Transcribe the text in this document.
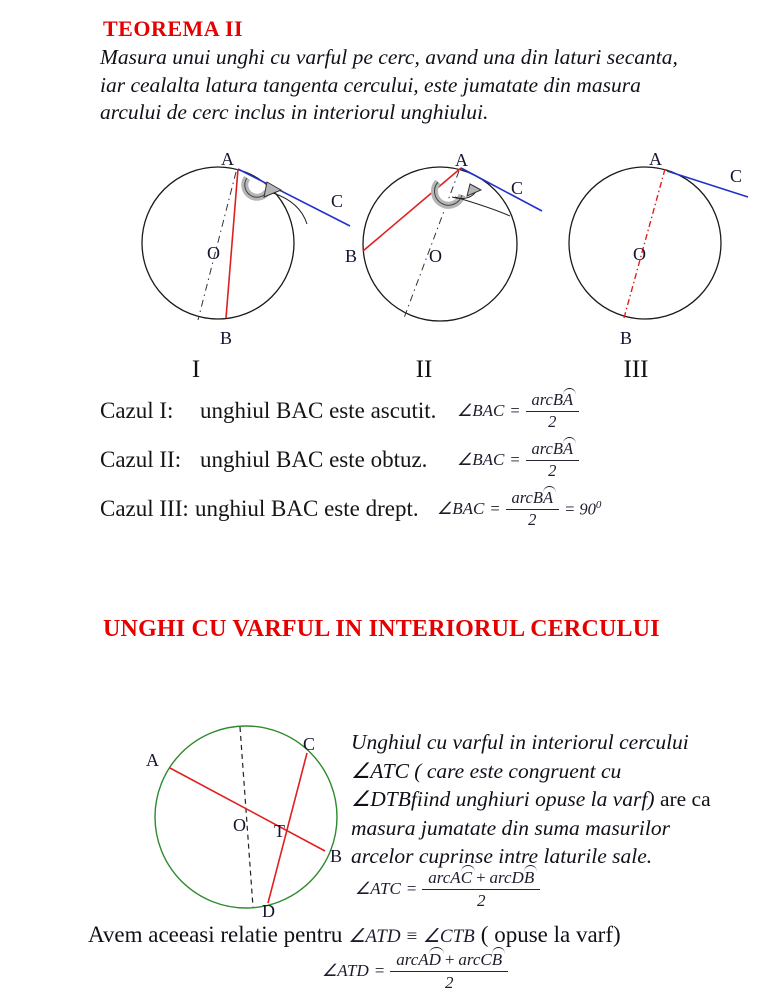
TEOREMA II
Masura unui unghi cu varful pe cerc, avand una din laturi secanta,
iar cealalta latura tangenta cercului, este jumatate din masura
arcului de cerc inclus in interiorul unghiului.
A
B
C
O
I
A
B
C
O
II
A
B
C
O
III
Cazul I: unghiul BAC este ascutit. ∠BAC = $\frac{\text{arcBA}}{2}$
Cazul II: unghiul BAC este obtuz. ∠BAC = $\frac{\text{arcBA}}{2}$
Cazul III: unghiul BAC este drept. ∠BAC = $\frac{\text{arcBA}}{2} = 90^0$
UNGHI CU VARFUL IN INTERIORUL CERCULUI
A
B
C
D
O T
Unghiul cu varful in interiorul cercului
∠ATC ( care este congruent cu
∠DTBfiind unghiuri opuse la varf) are ca
masura jumatate din suma masurilor
arcelor cuprinse intre laturile sale.
∠ATC = $\frac{\text{arcAC + arcDB}}{2}$
Avem aceeasi relatie pentru ∠ATD ≡ ∠CTB ( opuse la varf)
∠ATD = $\frac{\text{arcAD + arcCB}}{2}$
